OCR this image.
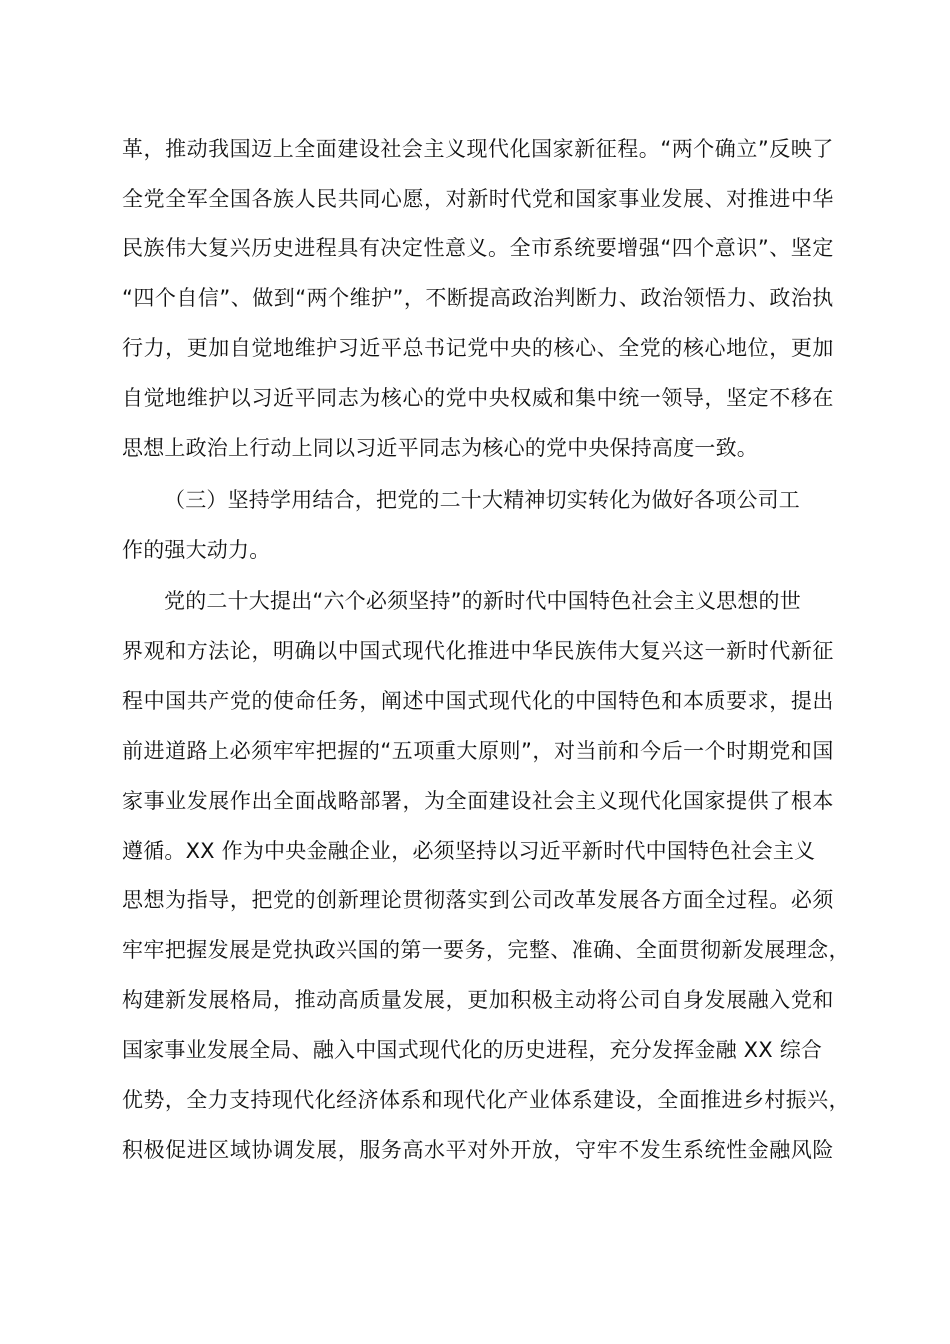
革，推动我国迈上全面建设社会主义现代化国家新征程。“两个确立”反映了
全党全军全国各族人民共同心愿，对新时代党和国家事业发展、对推进中华
民族伟大复兴历史进程具有决定性意义。全市系统要增强“四个意识”、坚定
“四个自信”、做到“两个维护”，不断提高政治判断力、政治领悟力、政治执
行力，更加自觉地维护习近平总书记党中央的核心、全党的核心地位，更加
自觉地维护以习近平同志为核心的党中央权威和集中统一领导，坚定不移在
思想上政治上行动上同以习近平同志为核心的党中央保持高度一致。
（三）坚持学用结合，把党的二十大精神切实转化为做好各项公司工
作的强大动力。
党的二十大提出“六个必须坚持”的新时代中国特色社会主义思想的世
界观和方法论，明确以中国式现代化推进中华民族伟大复兴这一新时代新征
程中国共产党的使命任务，阐述中国式现代化的中国特色和本质要求，提出
前进道路上必须牢牢把握的“五项重大原则”，对当前和今后一个时期党和国
家事业发展作出全面战略部署，为全面建设社会主义现代化国家提供了根本
遵循。XX 作为中央金融企业，必须坚持以习近平新时代中国特色社会主义
思想为指导，把党的创新理论贯彻落实到公司改革发展各方面全过程。必须
牢牢把握发展是党执政兴国的第一要务，完整、准确、全面贯彻新发展理念，
构建新发展格局，推动高质量发展，更加积极主动将公司自身发展融入党和
国家事业发展全局、融入中国式现代化的历史进程，充分发挥金融 XX 综合
优势，全力支持现代化经济体系和现代化产业体系建设，全面推进乡村振兴，
积极促进区域协调发展，服务高水平对外开放，守牢不发生系统性金融风险
